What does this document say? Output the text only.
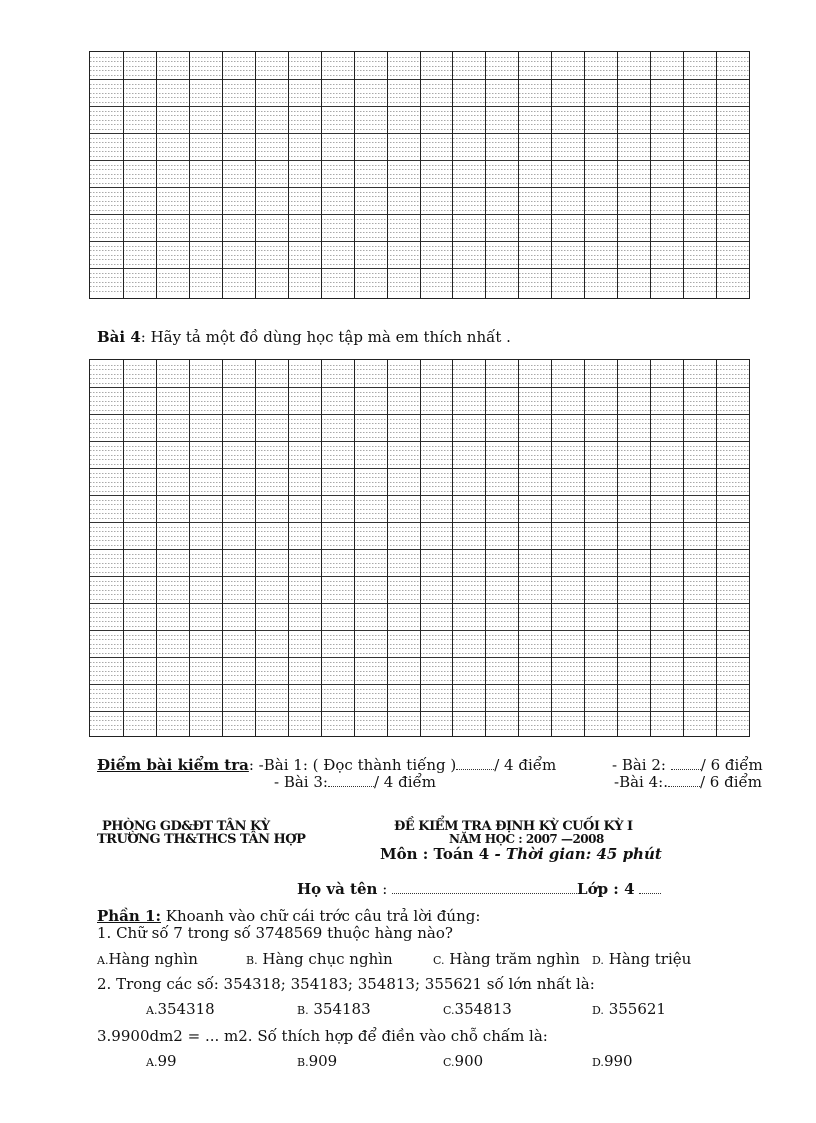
Bài 4: Hãy tả một đồ dùng học tập mà em thích nhất .
Điểm bài kiểm tra: -Bài 1: ( Đọc thành tiếng )	/ 4 điểm	- Bài 2: / 6 điểm
- Bài 3:	/ 4 điểm	-Bài 4:. / 6 điểm
PHÒNG GD&ĐT TÂN KỲ
TRƯỜNG TH&THCS TÂN HỢP
ĐỀ KIỂM TRA ĐỊNH KỲ CUỐI KỲ I
NĂM HỌC : 2007 —2008
Môn : Toán 4 - Thời gian: 45 phút
Họ và tên :	Lớp : 4
Phần 1: Khoanh vào chữ cái trớc câu trả lời đúng:
1. Chữ số 7 trong số 3748569 thuộc hàng nào?
A.Hàng nghìn	B. Hàng chục nghìn	C. Hàng trăm nghìn D. Hàng triệu
2. Trong các số: 354318; 354183; 354813; 355621 số lớn nhất là:
A.354318	B. 354183	C.354813	D. 355621
3.9900dm2 = ... m2. Số thích hợp để điền vào chỗ chấm là:
A.99	B.909	C.900	D.990
